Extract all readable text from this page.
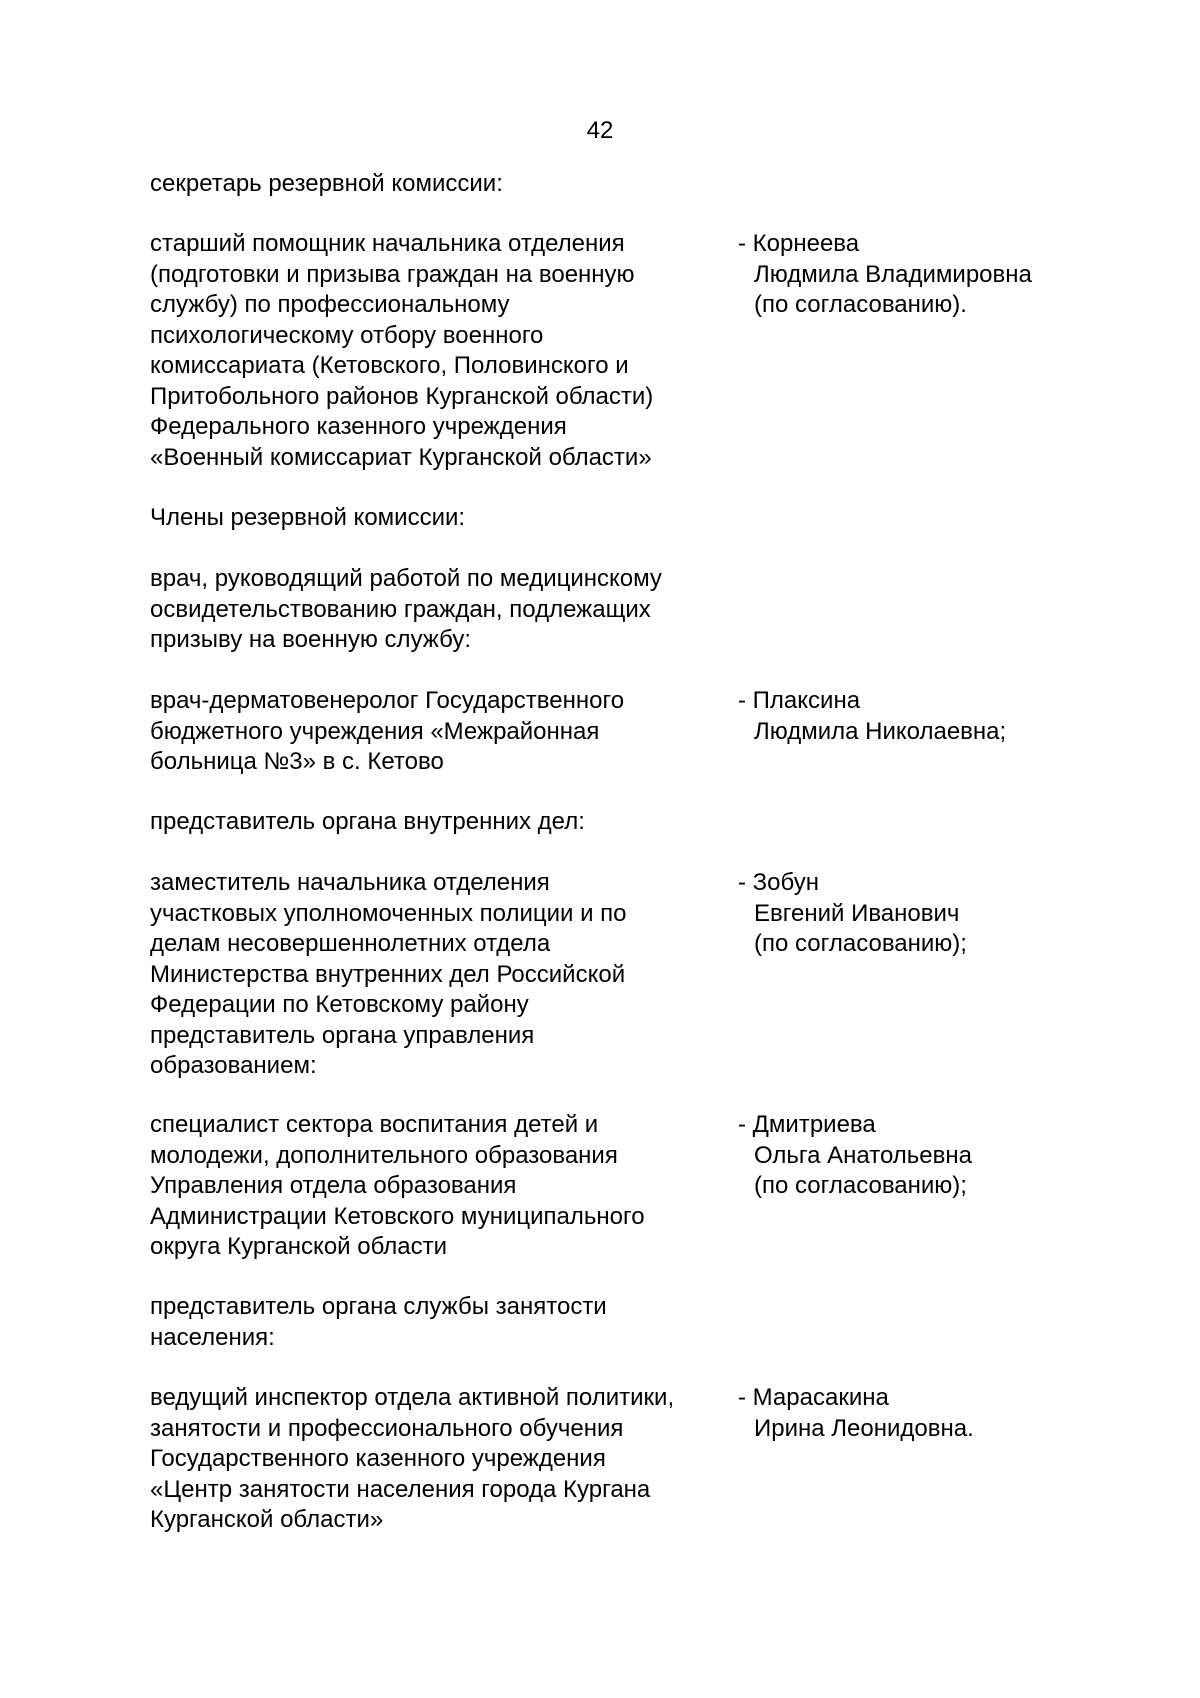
42
секретарь резервной комиссии:
старший помощник начальника отделения
(подготовки и призыва граждан на военную
службу) по профессиональному
психологическому отбору военного
комиссариата (Кетовского, Половинского и
Притобольного районов Курганской области)
Федерального казенного учреждения
«Военный комиссариат Курганской области»
- Корнеева
Людмила Владимировна
(по согласованию).
Члены резервной комиссии:
врач, руководящий работой по медицинскому
освидетельствованию граждан, подлежащих
призыву на военную службу:
врач-дерматовенеролог Государственного
бюджетного учреждения «Межрайонная
больница №3» в с. Кетово
- Плаксина
Людмила Николаевна;
представитель органа внутренних дел:
заместитель начальника отделения
участковых уполномоченных полиции и по
делам несовершеннолетних отдела
Министерства внутренних дел Российской
Федерации по Кетовскому району
представитель органа управления
образованием:
- Зобун
Евгений Иванович
(по согласованию);
специалист сектора воспитания детей и
молодежи, дополнительного образования
Управления отдела образования
Администрации Кетовского муниципального
округа Курганской области
- Дмитриева
Ольга Анатольевна
(по согласованию);
представитель органа службы занятости
населения:
ведущий инспектор отдела активной политики,
занятости и профессионального обучения
Государственного казенного учреждения
«Центр занятости населения города Кургана
Курганской области»
- Марасакина
Ирина Леонидовна.
